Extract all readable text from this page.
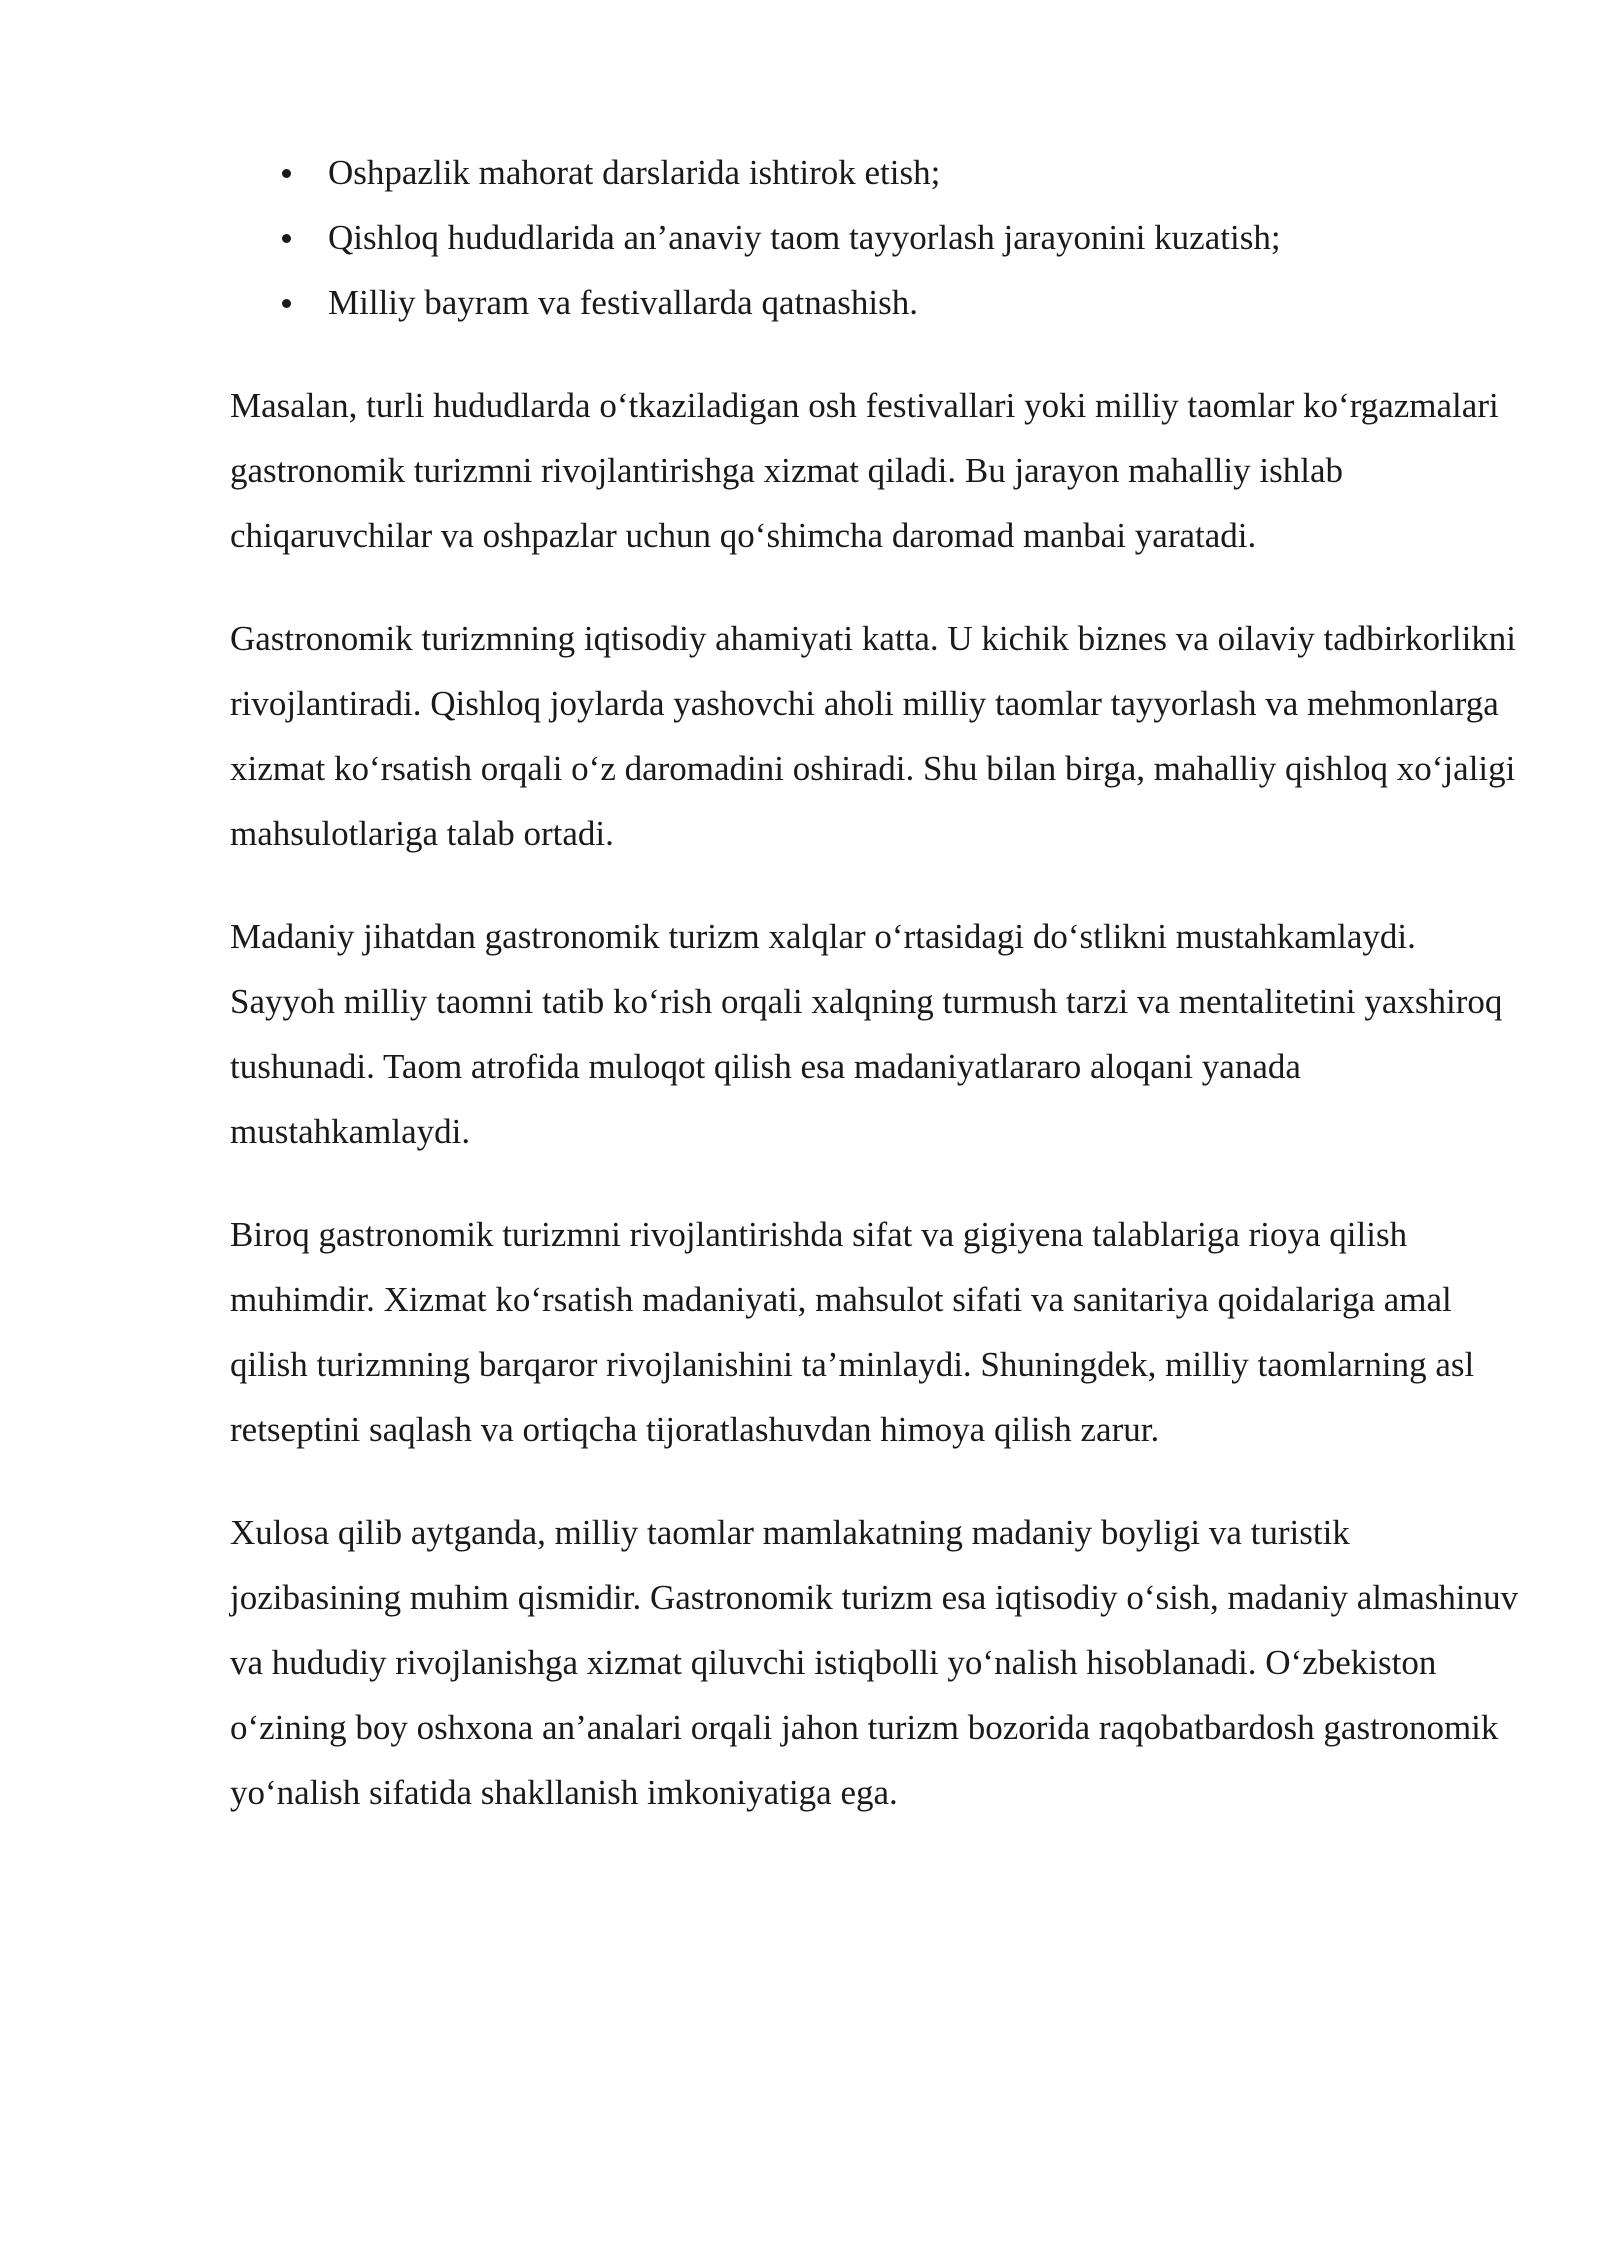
Oshpazlik mahorat darslarida ishtirok etish;
Qishloq hududlarida an’anaviy taom tayyorlash jarayonini kuzatish;
Milliy bayram va festivallarda qatnashish.

Masalan, turli hududlarda o‘tkaziladigan osh festivallari yoki milliy taomlar ko‘rgazmalari gastronomik turizmni rivojlantirishga xizmat qiladi. Bu jarayon mahalliy ishlab chiqaruvchilar va oshpazlar uchun qo‘shimcha daromad manbai yaratadi.

Gastronomik turizmning iqtisodiy ahamiyati katta. U kichik biznes va oilaviy tadbirkorlikni rivojlantiradi. Qishloq joylarda yashovchi aholi milliy taomlar tayyorlash va mehmonlarga xizmat ko‘rsatish orqali o‘z daromadini oshiradi. Shu bilan birga, mahalliy qishloq xo‘jaligi mahsulotlariga talab ortadi.

Madaniy jihatdan gastronomik turizm xalqlar o‘rtasidagi do‘stlikni mustahkamlaydi. Sayyoh milliy taomni tatib ko‘rish orqali xalqning turmush tarzi va mentalitetini yaxshiroq tushunadi. Taom atrofida muloqot qilish esa madaniyatlararo aloqani yanada mustahkamlaydi.

Biroq gastronomik turizmni rivojlantirishda sifat va gigiyena talablariga rioya qilish muhimdir. Xizmat ko‘rsatish madaniyati, mahsulot sifati va sanitariya qoidalariga amal qilish turizmning barqaror rivojlanishini ta’minlaydi. Shuningdek, milliy taomlarning asl retseptini saqlash va ortiqcha tijoratlashuvdan himoya qilish zarur.

Xulosa qilib aytganda, milliy taomlar mamlakatning madaniy boyligi va turistik jozibasining muhim qismidir. Gastronomik turizm esa iqtisodiy o‘sish, madaniy almashinuv va hududiy rivojlanishga xizmat qiluvchi istiqbolli yo‘nalish hisoblanadi. O‘zbekiston o‘zining boy oshxona an’analari orqali jahon turizm bozorida raqobatbardosh gastronomik yo‘nalish sifatida shakllanish imkoniyatiga ega.
